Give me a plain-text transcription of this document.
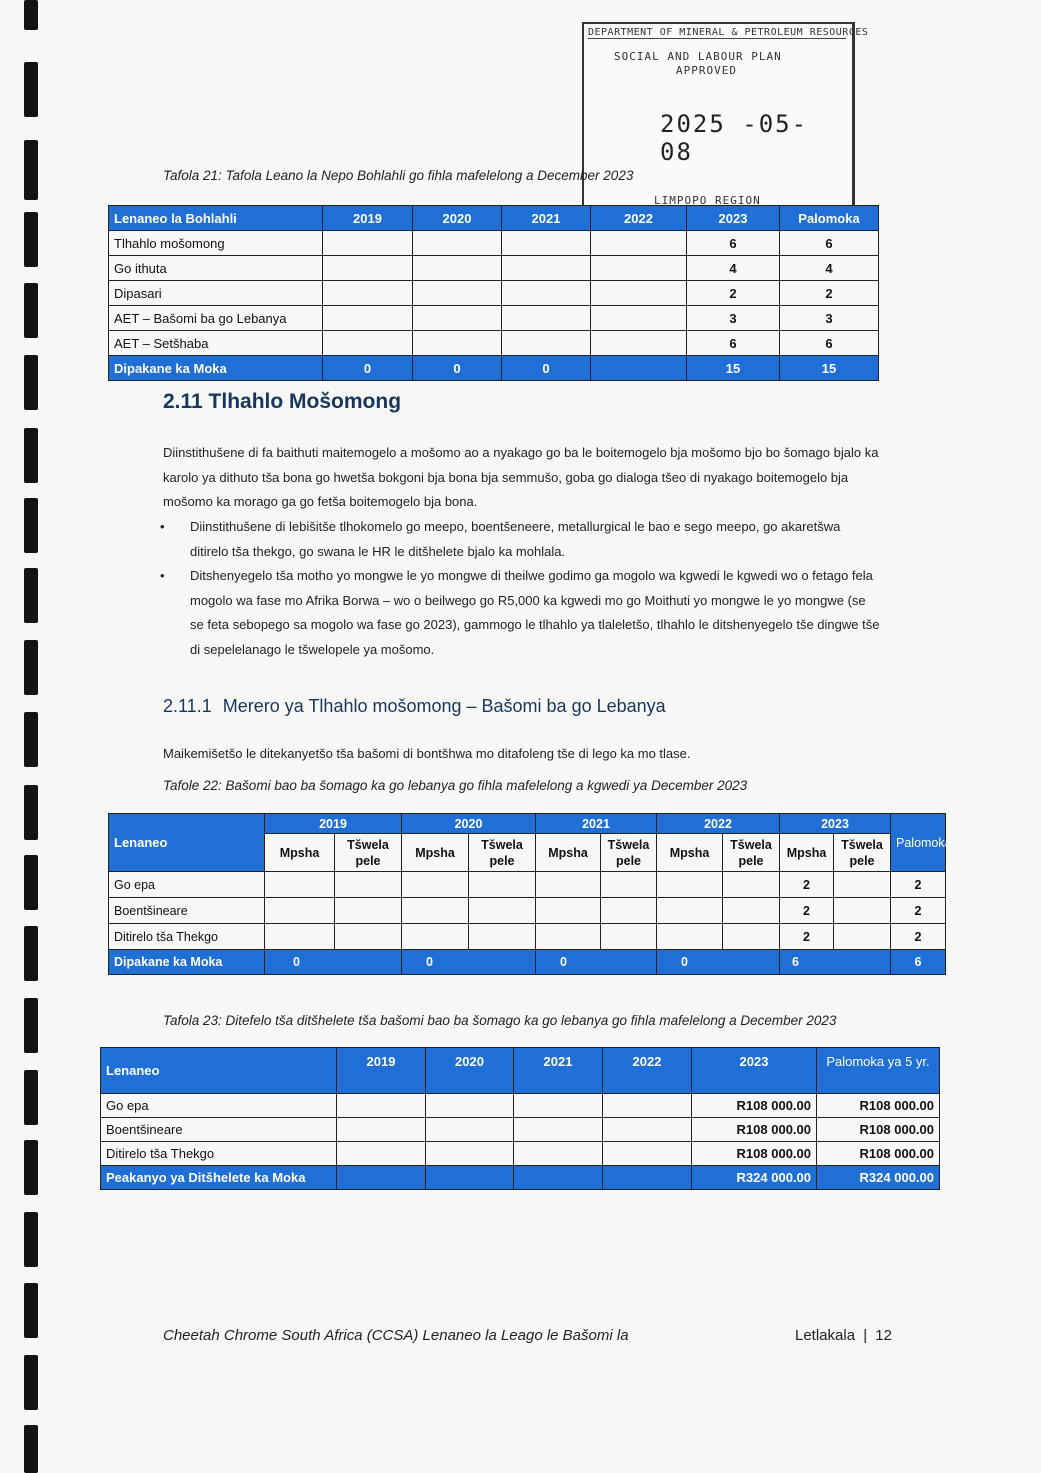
DEPARTMENT OF MINERAL & PETROLEUM RESOURCES
SOCIAL AND LABOUR PLAN
APPROVED
2025 -05- 08
LIMPOPO REGION
Tafola 21: Tafola Leano la Nepo Bohlahli go fihla mafelelong a December 2023
Lenaneo la Bohlahli	2019	2020	2021	2022	2023	Palomoka
Tlhahlo mošomong					6	6
Go ithuta					4	4
Dipasari					2	2
AET – Bašomi ba go Lebanya					3	3
AET – Setšhaba					6	6
Dipakane ka Moka	0	0	0		15	15
2.11 Tlhahlo Mošomong
Diinstithušene di fa baithuti maitemogelo a mošomo ao a nyakago go ba le boitemogelo bja mošomo bjo bo šomago bjalo ka karolo ya dithuto tša bona go hwetša bokgoni bja bona bja semmušo, goba go dialoga tšeo di nyakago boitemogelo bja mošomo ka morago ga go fetša boitemogelo bja bona.
• Diinstithušene di lebišitše tlhokomelo go meepo, boentšeneere, metallurgical le bao e sego meepo, go akaretšwa ditirelo tša thekgo, go swana le HR le ditšhelete bjalo ka mohlala.
• Ditshenyegelo tša motho yo mongwe le yo mongwe di theilwe godimo ga mogolo wa kgwedi le kgwedi wo o fetago fela mogolo wa fase mo Afrika Borwa – wo o beilwego go R5,000 ka kgwedi mo go Moithuti yo mongwe le yo mongwe (se se feta sebopego sa mogolo wa fase go 2023), gammogo le tlhahlo ya tlaleletšo, tlhahlo le ditshenyegelo tše dingwe tše di sepelelanago le tšwelopele ya mošomo.
2.11.1 Merero ya Tlhahlo mošomong – Bašomi ba go Lebanya
Maikemišetšo le ditekanyetšo tša bašomi di bontšhwa mo ditafoleng tše di lego ka mo tlase.
Tafole 22: Bašomi bao ba šomago ka go lebanya go fihla mafelelong a kgwedi ya December 2023
Lenaneo	2019		2020		2021		2022		2023		Palomoka
	Mpsha	Tšwela pele	Mpsha	Tšwela pele	Mpsha	Tšwela pele	Mpsha	Tšwela pele	Mpsha	Tšwela pele	
Go epa									2		2
Boentšineare									2		2
Ditirelo tša Thekgo									2		2
Dipakane ka Moka	0		0		0		0		6		6
Tafola 23: Ditefelo tša ditšhelete tša bašomi bao ba šomago ka go lebanya go fihla mafelelong a December 2023
Lenaneo	2019	2020	2021	2022	2023	Palomoka ya 5 yr.
Go epa					R108 000.00	R108 000.00
Boentšineare					R108 000.00	R108 000.00
Ditirelo tša Thekgo					R108 000.00	R108 000.00
Peakanyo ya Ditšhelete ka Moka					R324 000.00	R324 000.00
Cheetah Chrome South Africa (CCSA) Lenaneo la Leago le Bašomi la	Letlakala | 12
